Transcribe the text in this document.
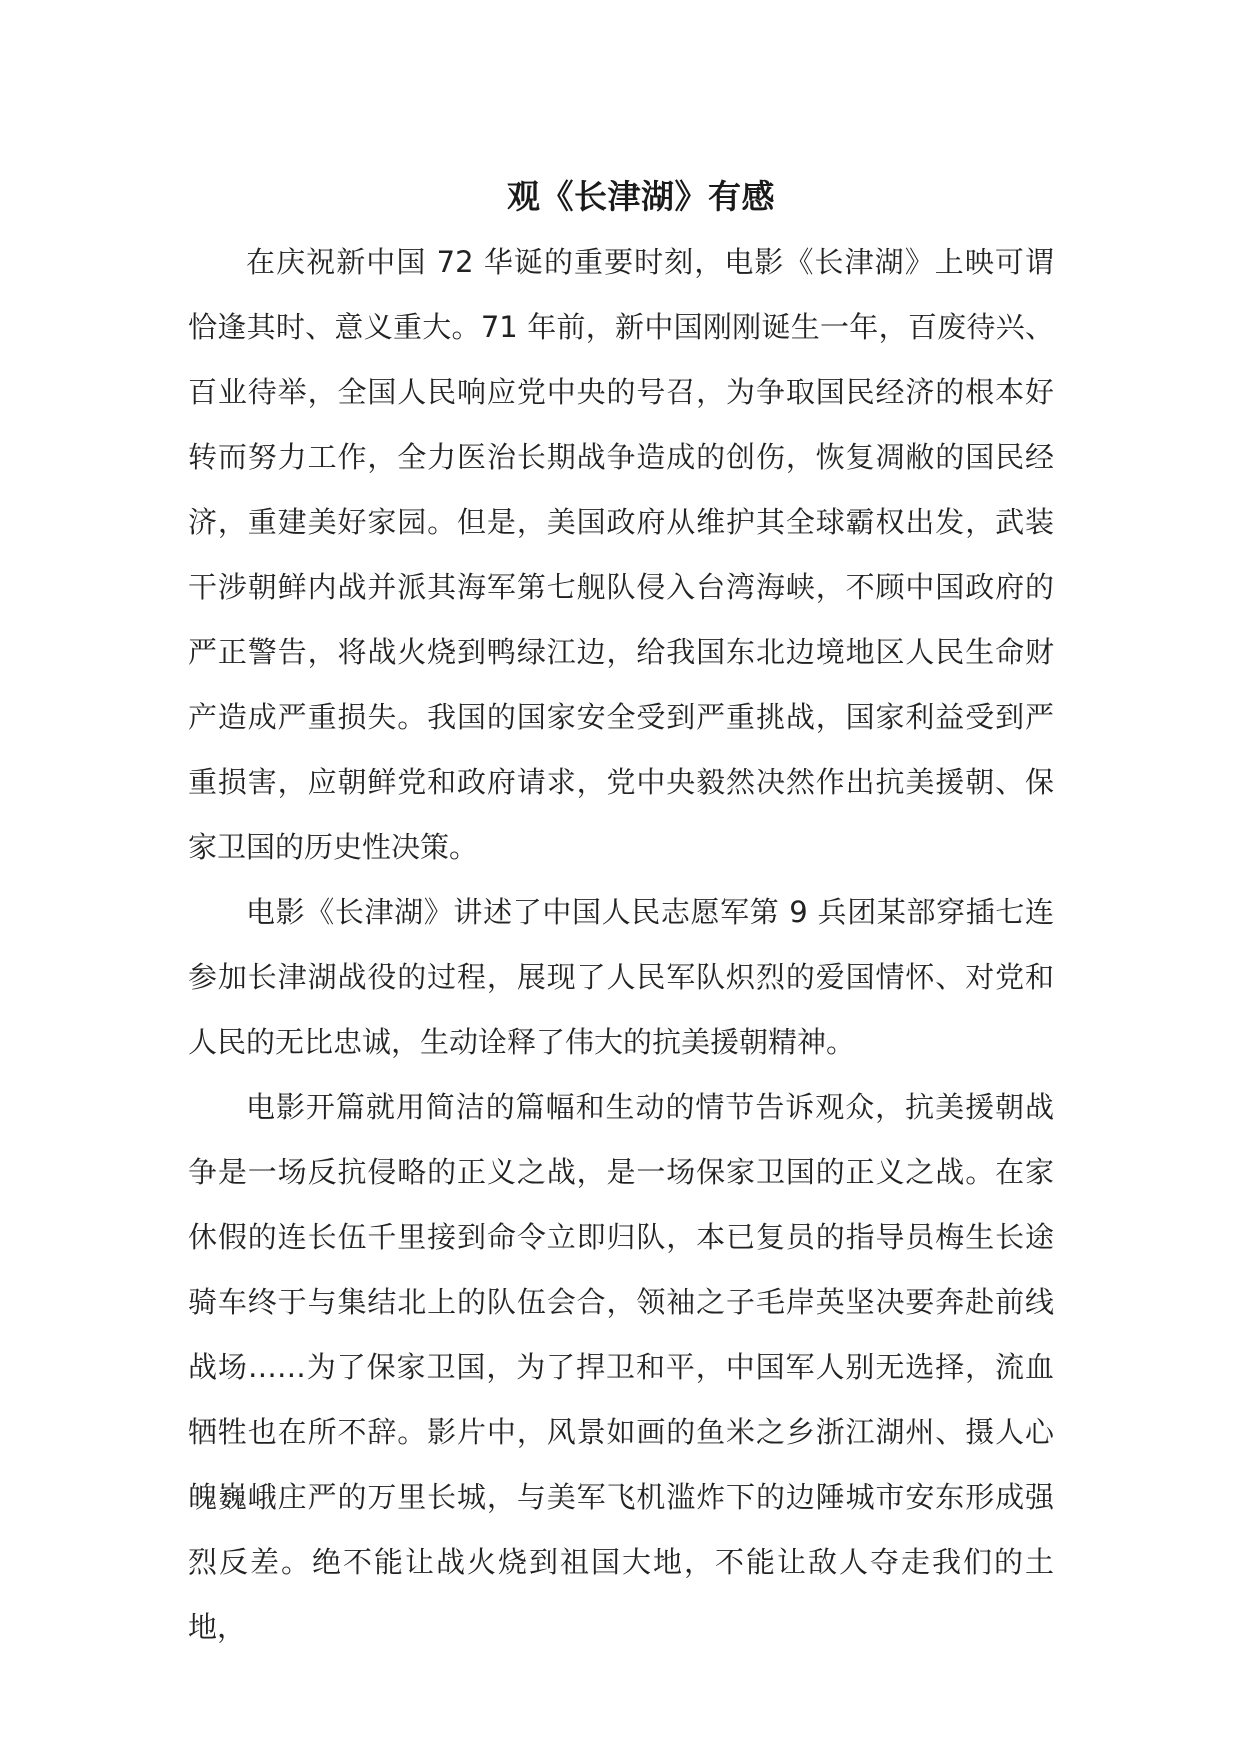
观《长津湖》有感

在庆祝新中国 72 华诞的重要时刻，电影《长津湖》上映可谓恰逢其时、意义重大。71 年前，新中国刚刚诞生一年，百废待兴、百业待举，全国人民响应党中央的号召，为争取国民经济的根本好转而努力工作，全力医治长期战争造成的创伤，恢复凋敝的国民经济，重建美好家园。但是，美国政府从维护其全球霸权出发，武装干涉朝鲜内战并派其海军第七舰队侵入台湾海峡，不顾中国政府的严正警告，将战火烧到鸭绿江边，给我国东北边境地区人民生命财产造成严重损失。我国的国家安全受到严重挑战，国家利益受到严重损害，应朝鲜党和政府请求，党中央毅然决然作出抗美援朝、保家卫国的历史性决策。

电影《长津湖》讲述了中国人民志愿军第 9 兵团某部穿插七连参加长津湖战役的过程，展现了人民军队炽烈的爱国情怀、对党和人民的无比忠诚，生动诠释了伟大的抗美援朝精神。

电影开篇就用简洁的篇幅和生动的情节告诉观众，抗美援朝战争是一场反抗侵略的正义之战，是一场保家卫国的正义之战。在家休假的连长伍千里接到命令立即归队，本已复员的指导员梅生长途骑车终于与集结北上的队伍会合，领袖之子毛岸英坚决要奔赴前线战场……为了保家卫国，为了捍卫和平，中国军人别无选择，流血牺牲也在所不辞。影片中，风景如画的鱼米之乡浙江湖州、摄人心魄巍峨庄严的万里长城，与美军飞机滥炸下的边陲城市安东形成强烈反差。绝不能让战火烧到祖国大地，不能让敌人夺走我们的土地，
